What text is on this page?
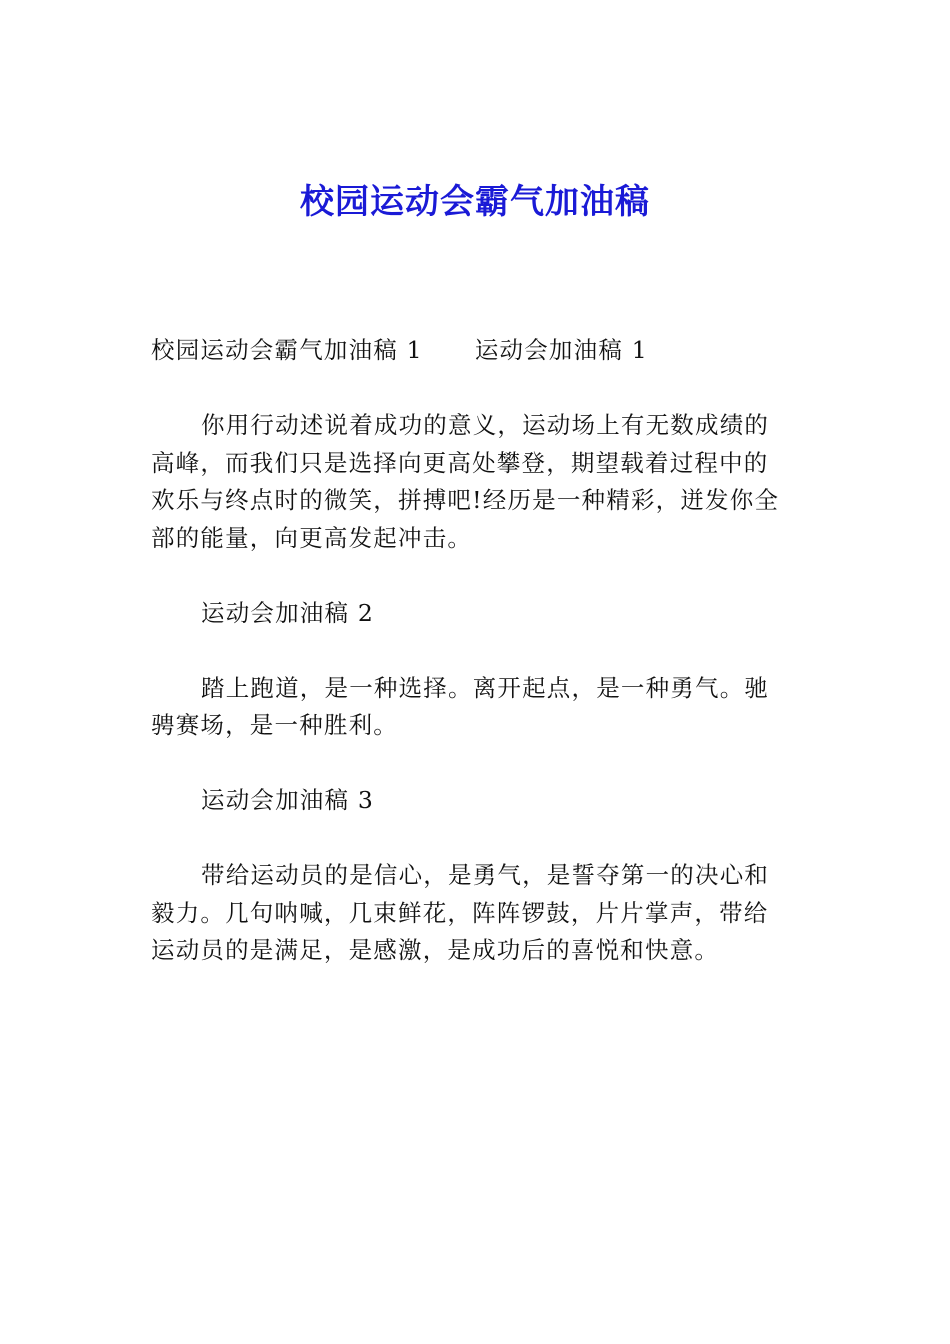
校园运动会霸气加油稿

校园运动会霸气加油稿 1 运动会加油稿 1

你用行动述说着成功的意义，运动场上有无数成绩的
高峰，而我们只是选择向更高处攀登，期望载着过程中的
欢乐与终点时的微笑，拼搏吧!经历是一种精彩，迸发你全
部的能量，向更高发起冲击。

运动会加油稿 2

踏上跑道，是一种选择。离开起点，是一种勇气。驰
骋赛场，是一种胜利。

运动会加油稿 3

带给运动员的是信心，是勇气，是誓夺第一的决心和
毅力。几句呐喊，几束鲜花，阵阵锣鼓，片片掌声，带给
运动员的是满足，是感激，是成功后的喜悦和快意。
